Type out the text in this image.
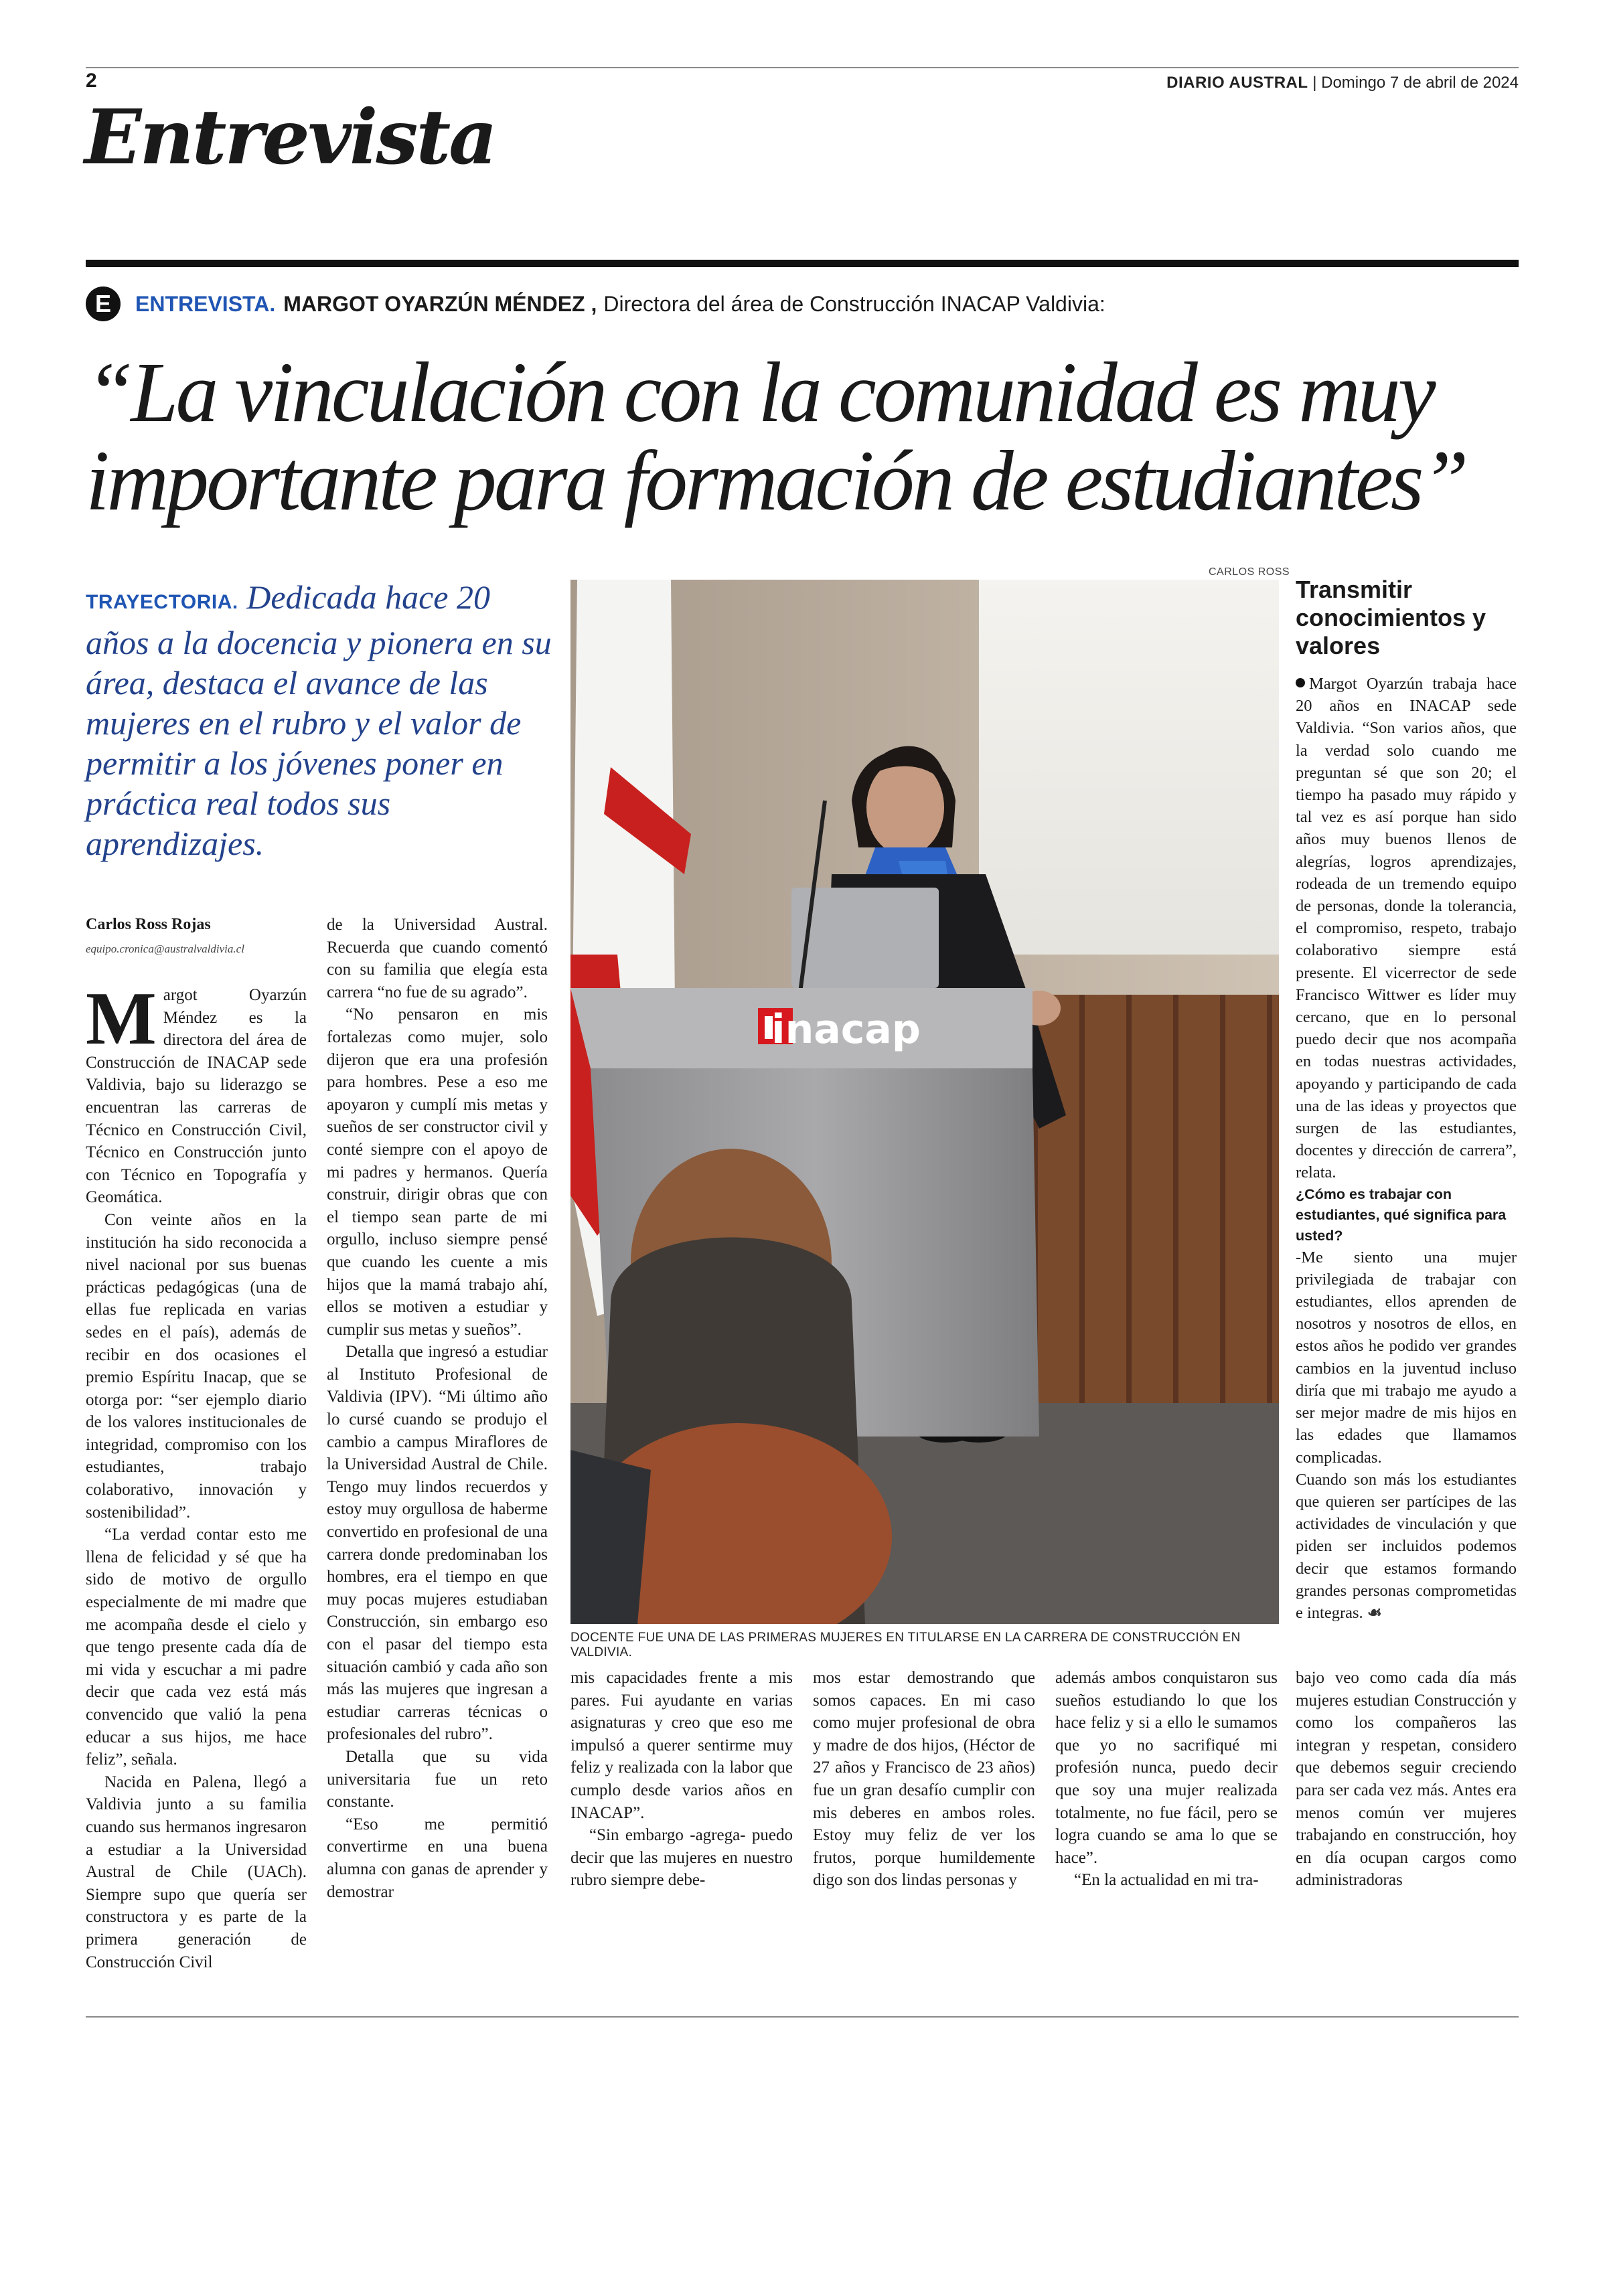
2	DIARIO AUSTRAL | Domingo 7 de abril de 2024
Entrevista
E	ENTREVISTA. MARGOT OYARZÚN MÉNDEZ , Directora del área de Construcción INACAP Valdivia:
“La vinculación con la comunidad es muy
importante para formación de estudiantes”
TRAYECTORIA. Dedicada hace 20 años a la docencia y pionera en su área, destaca el avance de las mujeres en el rubro y el valor de permitir a los jóvenes poner en práctica real todos sus aprendizajes.
Carlos Ross Rojas
equipo.cronica@australvaldivia.cl

Margot Oyarzún Méndez es la directora del área de Construcción de INACAP sede Valdivia, bajo su liderazgo se encuentran las carreras de Técnico en Construcción Civil, Técnico en Construcción junto con Técnico en Topografía y Geomática.

Con veinte años en la institución ha sido reconocida a nivel nacional por sus buenas prácticas pedagógicas (una de ellas fue replicada en varias sedes en el país), además de recibir en dos ocasiones el premio Espíritu Inacap, que se otorga por: “ser ejemplo diario de los valores institucionales de integridad, compromiso con los estudiantes, trabajo colaborativo, innovación y sostenibilidad”.

“La verdad contar esto me llena de felicidad y sé que ha sido de motivo de orgullo especialmente de mi madre que me acompaña desde el cielo y que tengo presente cada día de mi vida y escuchar a mi padre decir que cada vez está más convencido que valió la pena educar a sus hijos, me hace feliz”, señala.

Nacida en Palena, llegó a Valdivia junto a su familia cuando sus hermanos ingresaron a estudiar a la Universidad Austral de Chile (UACh). Siempre supo que quería ser constructora y es parte de la primera generación de Construcción Civil

de la Universidad Austral. Recuerda que cuando comentó con su familia que elegía esta carrera “no fue de su agrado”.

“No pensaron en mis fortalezas como mujer, solo dijeron que era una profesión para hombres. Pese a eso me apoyaron y cumplí mis metas y sueños de ser constructor civil y conté siempre con el apoyo de mi padres y hermanos. Quería construir, dirigir obras que con el tiempo sean parte de mi orgullo, incluso siempre pensé que cuando les cuente a mis hijos que la mamá trabajo ahí, ellos se motiven a estudiar y cumplir sus metas y sueños”.

Detalla que ingresó a estudiar al Instituto Profesional de Valdivia (IPV). “Mi último año lo cursé cuando se produjo el cambio a campus Miraflores de la Universidad Austral de Chile. Tengo muy lindos recuerdos y estoy muy orgullosa de haberme convertido en profesional de una carrera donde predominaban los hombres, era el tiempo en que muy pocas mujeres estudiaban Construcción, sin embargo eso con el pasar del tiempo esta situación cambió y cada año son más las mujeres que ingresan a estudiar carreras técnicas o profesionales del rubro”.

Detalla que su vida universitaria fue un reto constante.

“Eso me permitió convertirme en una buena alumna con ganas de aprender y demostrar

CARLOS ROSS
inacap
DOCENTE FUE UNA DE LAS PRIMERAS MUJERES EN TITULARSE EN LA CARRERA DE CONSTRUCCIÓN EN VALDIVIA.
Transmitir conocimientos y valores

Margot Oyarzún trabaja hace 20 años en INACAP sede Valdivia. “Son varios años, que la verdad solo cuando me preguntan sé que son 20; el tiempo ha pasado muy rápido y tal vez es así porque han sido años muy buenos llenos de alegrías, logros aprendizajes, rodeada de un tremendo equipo de personas, donde la tolerancia, el compromiso, respeto, trabajo colaborativo siempre está presente. El vicerrector de sede Francisco Wittwer es líder muy cercano, que en lo personal puedo decir que nos acompaña en todas nuestras actividades, apoyando y participando de cada una de las ideas y proyectos que surgen de las estudiantes, docentes y dirección de carrera”, relata.

¿Cómo es trabajar con estudiantes, qué significa para usted?

-Me siento una mujer privilegiada de trabajar con estudiantes, ellos aprenden de nosotros y nosotros de ellos, en estos años he podido ver grandes cambios en la juventud incluso diría que mi trabajo me ayudo a ser mejor madre de mis hijos en las edades que llamamos complicadas.

Cuando son más los estudiantes que quieren ser partícipes de las actividades de vinculación y que piden ser incluidos podemos decir que estamos formando grandes personas comprometidas e integras. ☙

mis capacidades frente a mis pares. Fui ayudante en varias asignaturas y creo que eso me impulsó a querer sentirme muy feliz y realizada con la labor que cumplo desde varios años en INACAP”.

“Sin embargo -agrega- puedo decir que las mujeres en nuestro rubro siempre debe-

mos estar demostrando que somos capaces. En mi caso como mujer profesional de obra y madre de dos hijos, (Héctor de 27 años y Francisco de 23 años) fue un gran desafío cumplir con mis deberes en ambos roles. Estoy muy feliz de ver los frutos, porque humildemente digo son dos lindas personas y

además ambos conquistaron sus sueños estudiando lo que los hace feliz y si a ello le sumamos que yo no sacrifiqué mi profesión nunca, puedo decir que soy una mujer realizada totalmente, no fue fácil, pero se logra cuando se ama lo que se hace”.

“En la actualidad en mi tra-

bajo veo como cada día más mujeres estudian Construcción y como los compañeros las integran y respetan, considero que debemos seguir creciendo para ser cada vez más. Antes era menos común ver mujeres trabajando en construcción, hoy en día ocupan cargos como administradoras
